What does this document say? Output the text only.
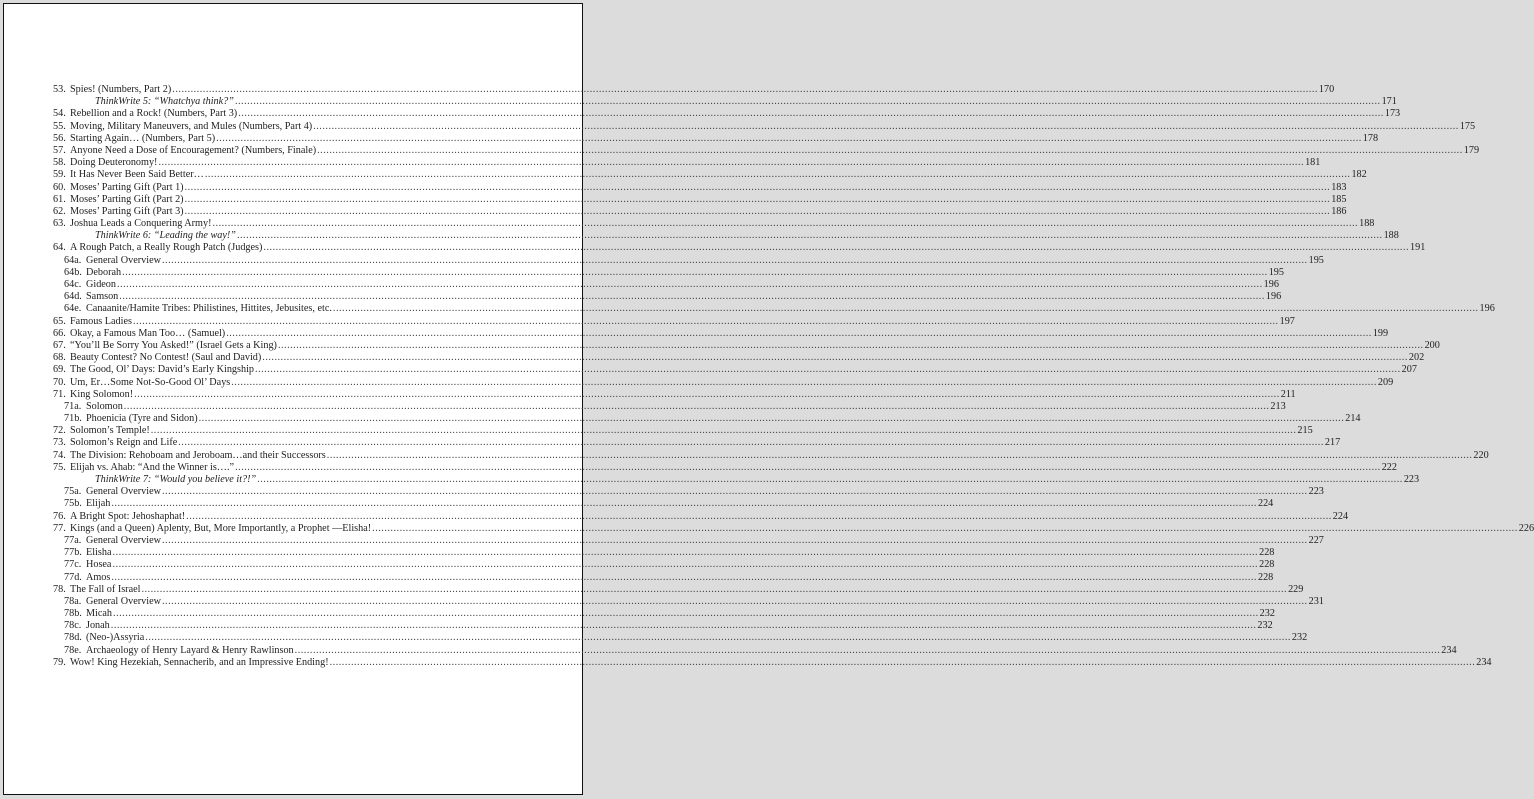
53. Spies! (Numbers, Part 2) .....	170
ThinkWrite 5: “Whatchya think?” .....	171
54. Rebellion and a Rock! (Numbers, Part 3) .....	173
55. Moving, Military Maneuvers, and Mules (Numbers, Part 4) .....	175
56. Starting Again… (Numbers, Part 5) .....	178
57. Anyone Need a Dose of Encouragement? (Numbers, Finale) .....	179
58. Doing Deuteronomy! .....	181
59. It Has Never Been Said Better… .....	182
60. Moses’ Parting Gift (Part 1) .....	183
61. Moses’ Parting Gift (Part 2) .....	185
62. Moses’ Parting Gift (Part 3) .....	186
63. Joshua Leads a Conquering Army! .....	188
ThinkWrite 6: “Leading the way!” .....	188
64. A Rough Patch, a Really Rough Patch (Judges) .....	191
64a. General Overview .....	195
64b. Deborah .....	195
64c. Gideon .....	196
64d. Samson .....	196
64e. Canaanite/Hamite Tribes: Philistines, Hittites, Jebusites, etc. .....	196
65. Famous Ladies .....	197
66. Okay, a Famous Man Too… (Samuel) .....	199
67. “You’ll Be Sorry You Asked!” (Israel Gets a King) .....	200
68. Beauty Contest? No Contest! (Saul and David) .....	202
69. The Good, Ol’ Days: David’s Early Kingship .....	207
70. Um, Er…Some Not-So-Good Ol’ Days .....	209
71. King Solomon! .....	211
71a. Solomon .....	213
71b. Phoenicia (Tyre and Sidon) .....	214
72. Solomon’s Temple! .....	215
73. Solomon’s Reign and Life .....	217
74. The Division: Rehoboam and Jeroboam…and their Successors .....	220
75. Elijah vs. Ahab: “And the Winner is….” .....	222
ThinkWrite 7: “Would you believe it?!” .....	223
75a. General Overview .....	223
75b. Elijah .....	224
76. A Bright Spot: Jehoshaphat! .....	224
77. Kings (and a Queen) Aplenty, But, More Importantly, a Prophet —Elisha! .....	226
77a. General Overview .....	227
77b. Elisha .....	228
77c. Hosea .....	228
77d. Amos .....	228
78. The Fall of Israel .....	229
78a. General Overview .....	231
78b. Micah .....	232
78c. Jonah .....	232
78d. (Neo-)Assyria .....	232
78e. Archaeology of Henry Layard & Henry Rawlinson .....	234
79. Wow! King Hezekiah, Sennacherib, and an Impressive Ending! .....	234
